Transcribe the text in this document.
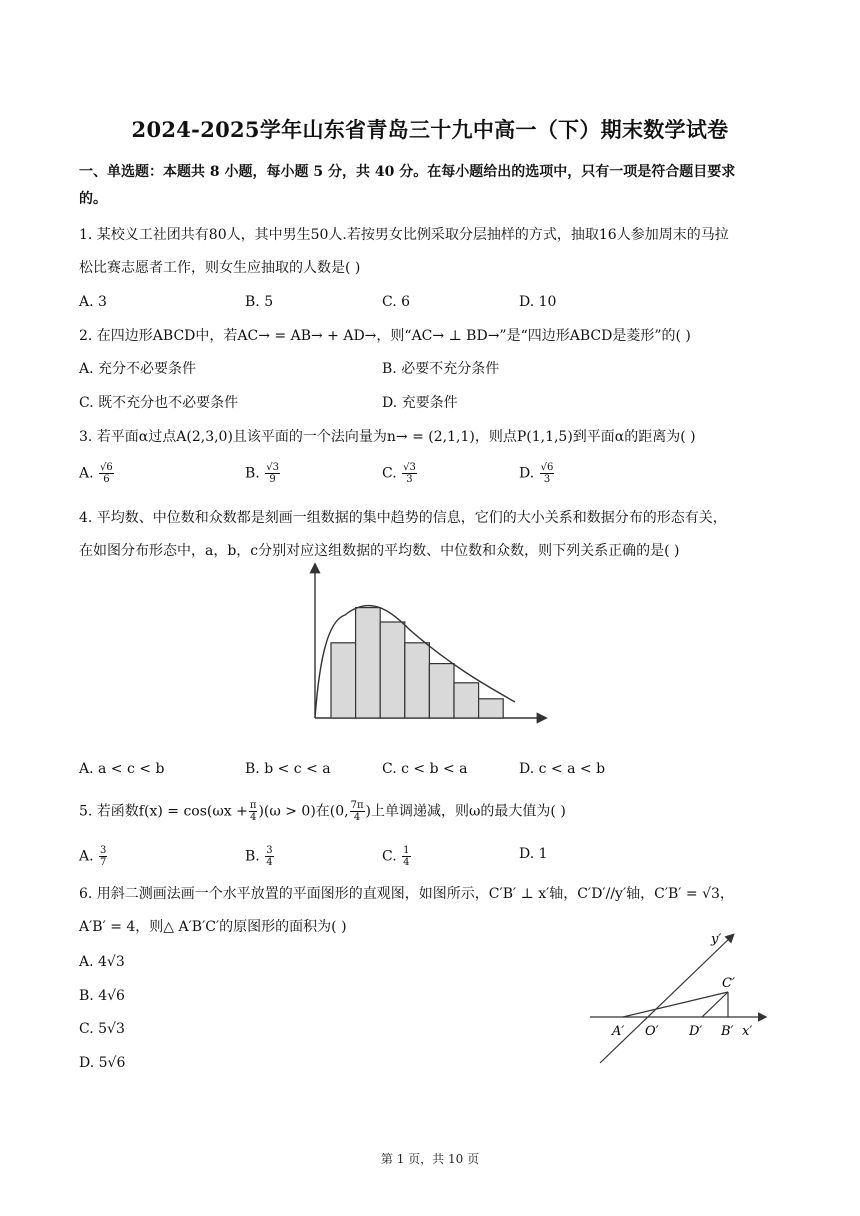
2024-2025学年山东省青岛三十九中高一（下）期末数学试卷
一、单选题：本题共 8 小题，每小题 5 分，共 40 分。在每小题给出的选项中，只有一项是符合题目要求
的。
1. 某校义工社团共有80人，其中男生50人.若按男女比例采取分层抽样的方式，抽取16人参加周末的马拉
松比赛志愿者工作，则女生应抽取的人数是( )
A. 3	B. 5	C. 6	D. 10
2. 在四边形ABCD中，若AC→ = AB→ + AD→，则“AC→ ⊥ BD→”是“四边形ABCD是菱形”的( )
A. 充分不必要条件	B. 必要不充分条件
C. 既不充分也不必要条件	D. 充要条件
3. 若平面α过点A(2,3,0)且该平面的一个法向量为n→ = (2,1,1)，则点P(1,1,5)到平面α的距离为( )
A. $\frac{√6}{6}$	B. $\frac{√3}{9}$	C. $\frac{√3}{3}$	D. $\frac{√6}{3}$
4. 平均数、中位数和众数都是刻画一组数据的集中趋势的信息，它们的大小关系和数据分布的形态有关，
在如图分布形态中，a，b，c分别对应这组数据的平均数、中位数和众数，则下列关系正确的是( )
A. a < c < b	B. b < c < a	C. c < b < a	D. c < a < b
5. 若函数$f(x) = \cos(\omega x + \frac{\pi}{4} )(\omega > 0)$在(0, $\frac{7\pi}{4}$ )上单调递减，则ω的最大值为( )
A. $\frac{3}{7}$	B. $\frac{3}{4}$	C. $\frac{1}{4}$	D. 1
6. 用斜二测画法画一个水平放置的平面图形的直观图，如图所示，C′B′ ⊥ x′轴，C′D′//y′轴，C′B′ = √3，
A′B′ = 4，则△ A′B′C′的原图形的面积为( )
A. 4√3
B. 4√6
C. 5√3
D. 5√6
y′
x′
A′ O′ D′ B′
C′
第 1 页，共 10 页
